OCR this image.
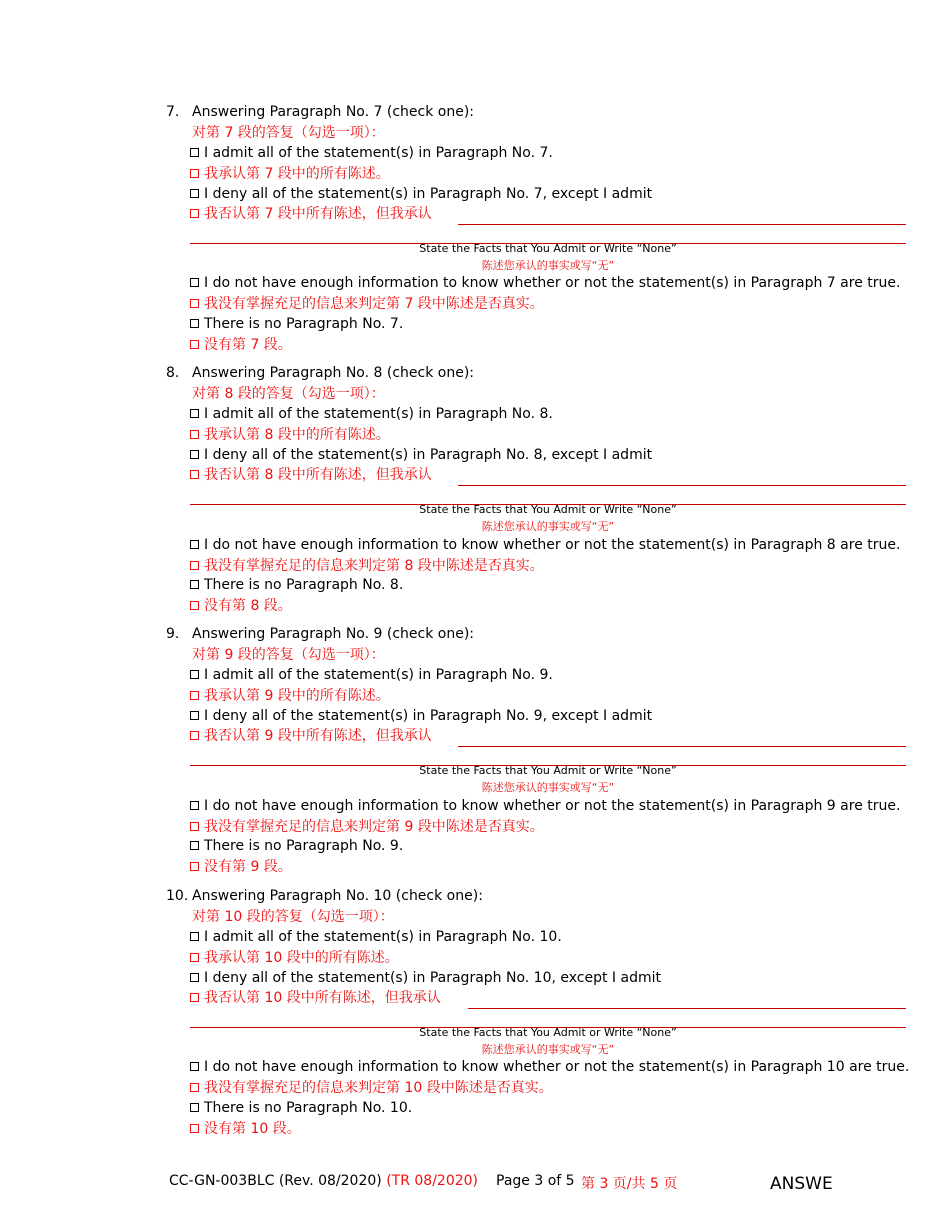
7. Answering Paragraph No. 7 (check one):
对第 7 段的答复（勾选一项）：
I admit all of the statement(s) in Paragraph No. 7.
我承认第 7 段中的所有陈述。
I deny all of the statement(s) in Paragraph No. 7, except I admit
我否认第 7 段中所有陈述，但我承认
State the Facts that You Admit or Write “None”
陈述您承认的事实或写“无”
I do not have enough information to know whether or not the statement(s) in Paragraph 7 are true.
我没有掌握充足的信息来判定第 7 段中陈述是否真实。
There is no Paragraph No. 7.
没有第 7 段。
8. Answering Paragraph No. 8 (check one):
对第 8 段的答复（勾选一项）：
I admit all of the statement(s) in Paragraph No. 8.
我承认第 8 段中的所有陈述。
I deny all of the statement(s) in Paragraph No. 8, except I admit
我否认第 8 段中所有陈述，但我承认
State the Facts that You Admit or Write “None”
陈述您承认的事实或写“无”
I do not have enough information to know whether or not the statement(s) in Paragraph 8 are true.
我没有掌握充足的信息来判定第 8 段中陈述是否真实。
There is no Paragraph No. 8.
没有第 8 段。
9. Answering Paragraph No. 9 (check one):
对第 9 段的答复（勾选一项）：
I admit all of the statement(s) in Paragraph No. 9.
我承认第 9 段中的所有陈述。
I deny all of the statement(s) in Paragraph No. 9, except I admit
我否认第 9 段中所有陈述，但我承认
State the Facts that You Admit or Write “None”
陈述您承认的事实或写“无”
I do not have enough information to know whether or not the statement(s) in Paragraph 9 are true.
我没有掌握充足的信息来判定第 9 段中陈述是否真实。
There is no Paragraph No. 9.
没有第 9 段。
10. Answering Paragraph No. 10 (check one):
对第 10 段的答复（勾选一项）：
I admit all of the statement(s) in Paragraph No. 10.
我承认第 10 段中的所有陈述。
I deny all of the statement(s) in Paragraph No. 10, except I admit
我否认第 10 段中所有陈述，但我承认
State the Facts that You Admit or Write “None”
陈述您承认的事实或写“无”
I do not have enough information to know whether or not the statement(s) in Paragraph 10 are true.
我没有掌握充足的信息来判定第 10 段中陈述是否真实。
There is no Paragraph No. 10.
没有第 10 段。
CC-GN-003BLC (Rev. 08/2020) (TR 08/2020) Page 3 of 5 第 3 页/共 5 页	ANSWE
